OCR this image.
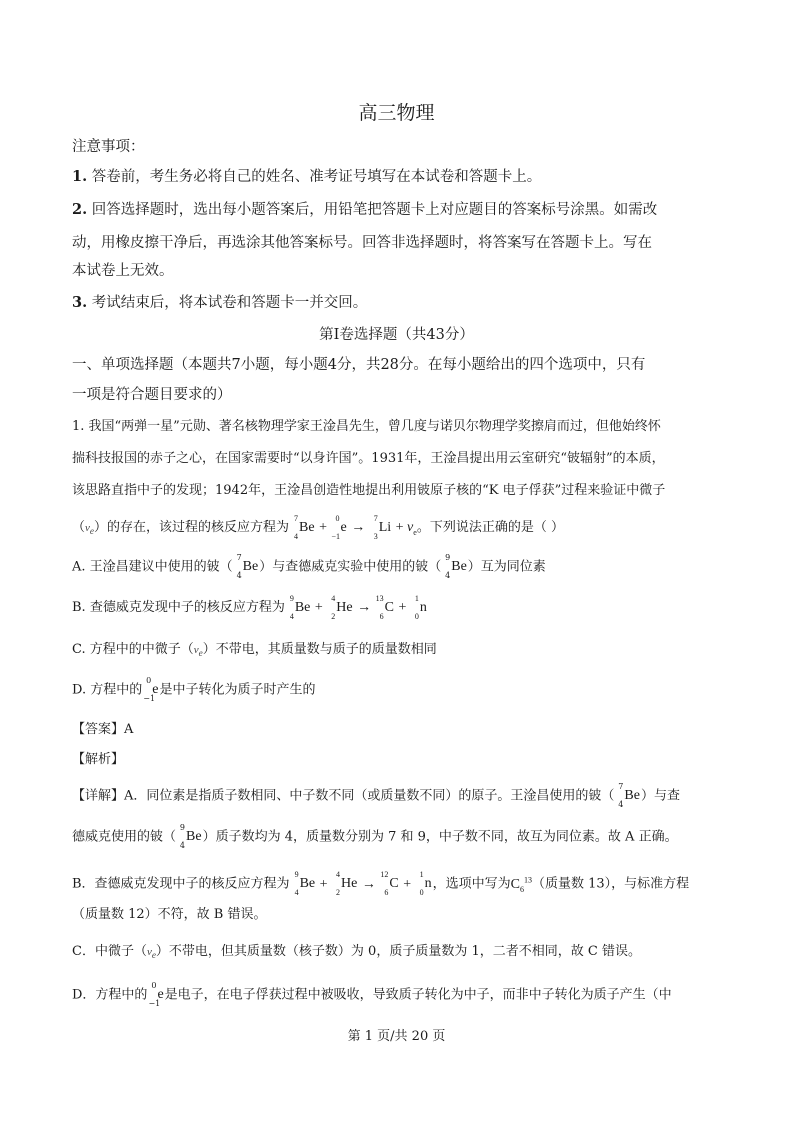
高三物理
注意事项：
1. 答卷前，考生务必将自己的姓名、准考证号填写在本试卷和答题卡上。
2. 回答选择题时，选出每小题答案后，用铅笔把答题卡上对应题目的答案标号涂黑。如需改
动，用橡皮擦干净后，再选涂其他答案标号。回答非选择题时，将答案写在答题卡上。写在
本试卷上无效。
3. 考试结束后，将本试卷和答题卡一并交回。
第Ⅰ卷选择题（共43分）
一、单项选择题（本题共7小题，每小题4分，共28分。在每小题给出的四个选项中，只有
一项是符合题目要求的）
1. 我国“两弹一星”元勋、著名核物理学家王淦昌先生，曾几度与诺贝尔物理学奖擦肩而过，但他始终怀
揣科技报国的赤子之心，在国家需要时“以身许国”。1931年，王淦昌提出用云室研究“铍辐射”的本质，
该思路直指中子的发现；1942年，王淦昌创造性地提出利用铍原子核的“K 电子俘获”过程来验证中微子
$(\nu_e)$的存在，该过程的核反应方程为
7
4
Be +
0
−1
e →
7
3
$Li + \nu_e$。下列说法正确的是（ ）
A. 王淦昌建议中使用的铍（
7
4
Be）与查德威克实验中使用的铍（
9
4
Be）互为同位素
B. 查德威克发现中子的核反应方程为
9
4
Be +
4
2
He →
13
6
C +
1
0
n
C. 方程中的中微子$(\nu_e)$不带电，其质量数与质子的质量数相同
D. 方程中的
0
−1
e是中子转化为质子时产生的
【答案】A
【解析】
【详解】A．同位素是指质子数相同、中子数不同（或质量数不同）的原子。王淦昌使用的铍（
7
4
Be）与查
德威克使用的铍（
9
4
Be）质子数均为 4，质量数分别为 7 和 9，中子数不同，故互为同位素。故 A 正确。
B．查德威克发现中子的核反应方程为
9
4
Be +
4
2
He →
12
6
C +
1
0
n，选项中写为$C_6^{13}$（质量数 13），与标准方程
（质量数 12）不符，故 B 错误。
C．中微子$(\nu_e)$不带电，但其质量数（核子数）为 0，质子质量数为 1，二者不相同，故 C 错误。
D．方程中的
0
−1
e是电子，在电子俘获过程中被吸收，导致质子转化为中子，而非中子转化为质子产生（中
第 1 页/共 20 页
